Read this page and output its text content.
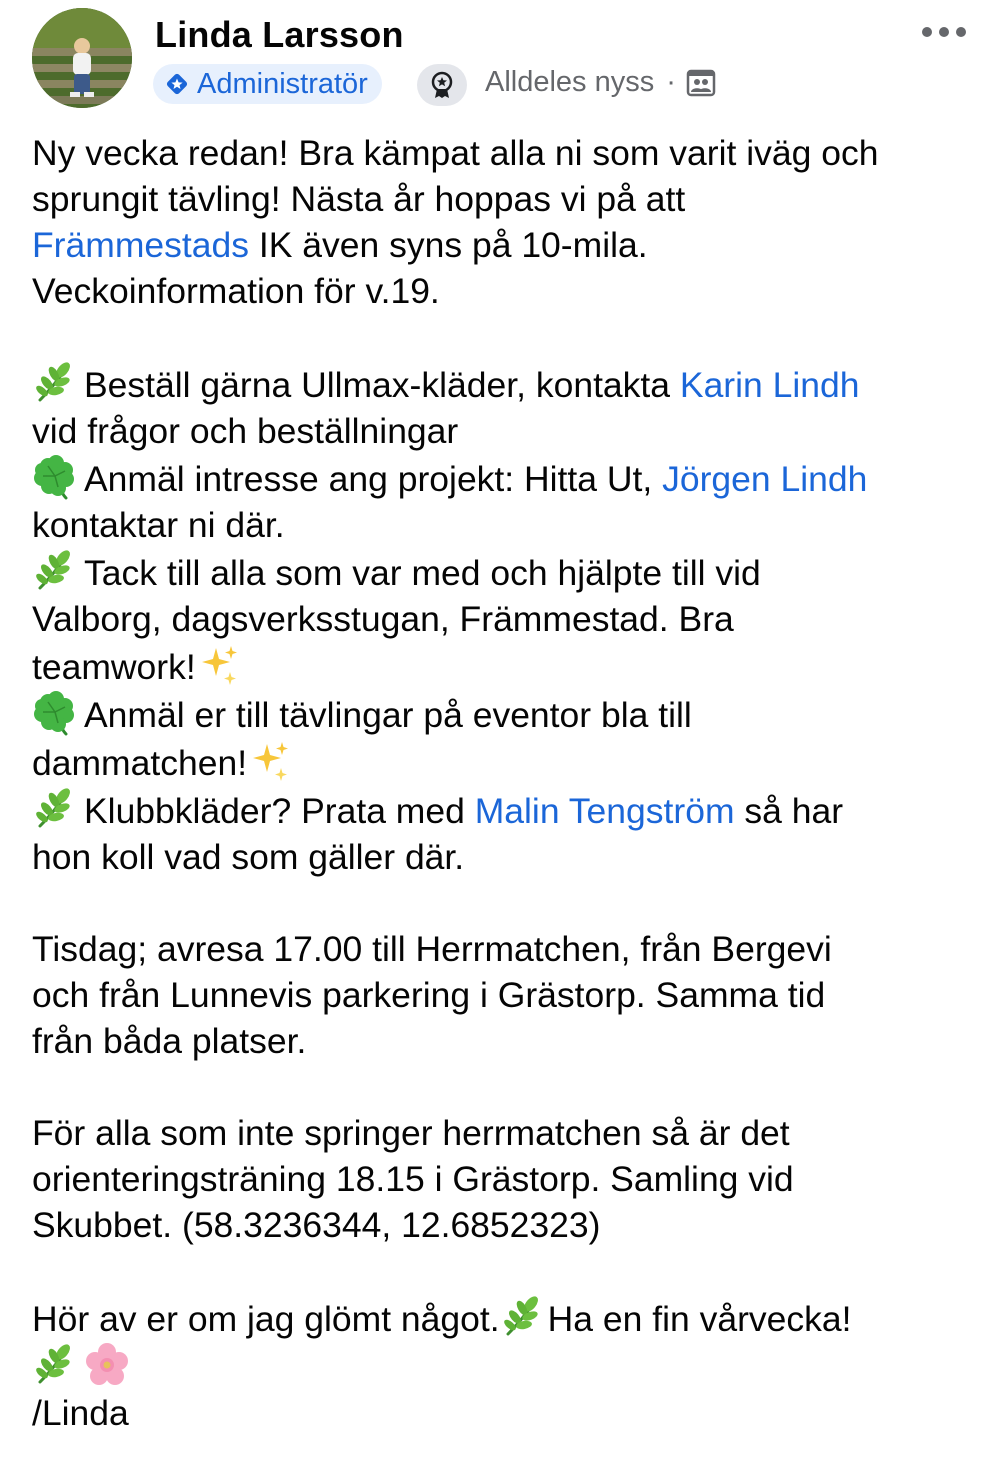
Linda Larsson
Administratör	Alldeles nyss ·

Ny vecka redan! Bra kämpat alla ni som varit iväg och

sprungit tävling! Nästa år hoppas vi på att

Främmestads IK även syns på 10-mila.

Veckoinformation för v.19.

Beställ gärna Ullmax-kläder, kontakta Karin Lindh

vid frågor och beställningar

Anmäl intresse ang projekt: Hitta Ut, Jörgen Lindh

kontaktar ni där.

Tack till alla som var med och hjälpte till vid

Valborg, dagsverksstugan, Främmestad. Bra

teamwork!

Anmäl er till tävlingar på eventor bla till

dammatchen!

Klubbkläder? Prata med Malin Tengström så har

hon koll vad som gäller där.

Tisdag; avresa 17.00 till Herrmatchen, från Bergevi

och från Lunnevis parkering i Grästorp. Samma tid

från båda platser.

För alla som inte springer herrmatchen så är det

orienteringsträning 18.15 i Grästorp. Samling vid

Skubbet. (58.3236344, 12.6852323)

Hör av er om jag glömt något. Ha en fin vårvecka!

/Linda
